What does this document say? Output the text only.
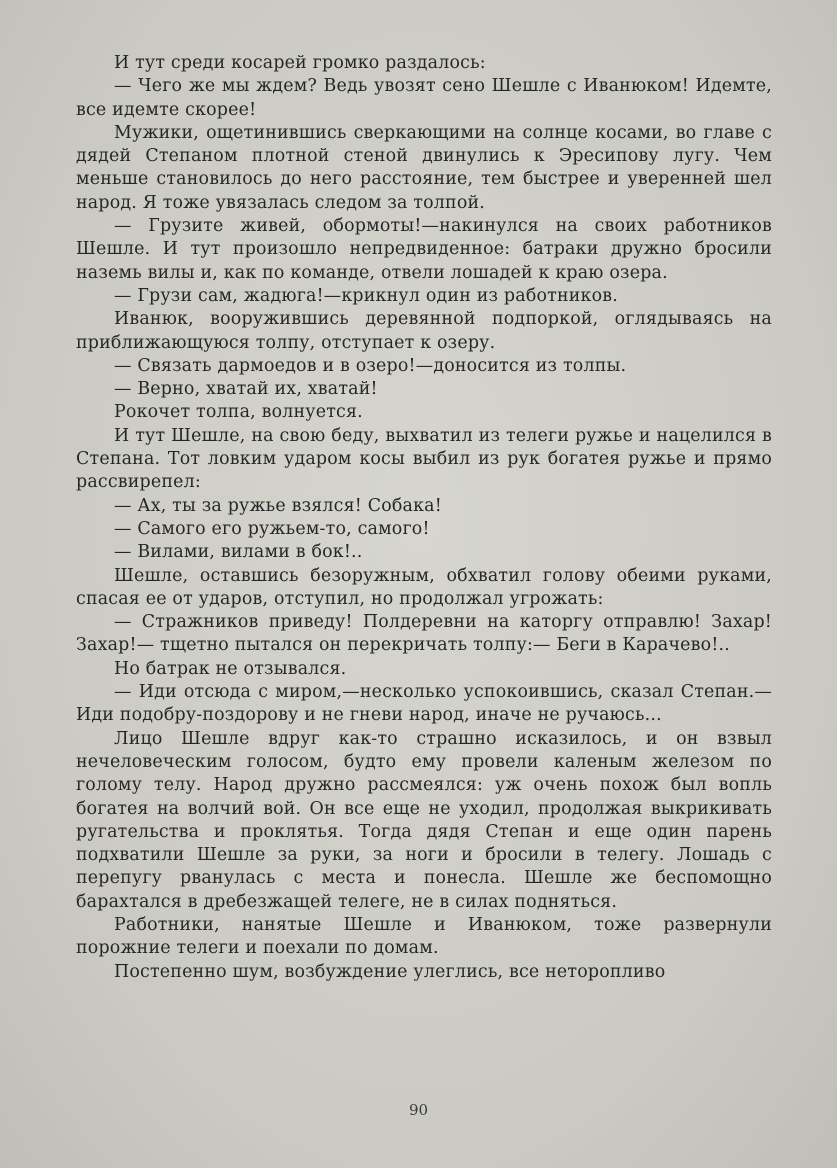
И тут среди косарей громко раздалось:

— Чего же мы ждем? Ведь увозят сено Шешле с Иванюком! Идемте, все идемте скорее!

Мужики, ощетинившись сверкающими на солнце косами, во главе с дядей Степаном плотной стеной двинулись к Эресипову лугу. Чем меньше становилось до него расстояние, тем быстрее и уверенней шел народ. Я тоже увязалась следом за толпой.

— Грузите живей, обормоты!—накинулся на своих работников Шешле. И тут произошло непредвиденное: батраки дружно бросили наземь вилы и, как по команде, отвели лошадей к краю озера.

— Грузи сам, жадюга!—крикнул один из работников.

Иванюк, вооружившись деревянной подпоркой, оглядываясь на приближающуюся толпу, отступает к озеру.

— Связать дармоедов и в озеро!—доносится из толпы.

— Верно, хватай их, хватай!

Рокочет толпа, волнуется.

И тут Шешле, на свою беду, выхватил из телеги ружье и нацелился в Степана. Тот ловким ударом косы выбил из рук богатея ружье и прямо рассвирепел:

— Ах, ты за ружье взялся! Собака!

— Самого его ружьем-то, самого!

— Вилами, вилами в бок!..

Шешле, оставшись безоружным, обхватил голову обеими руками, спасая ее от ударов, отступил, но продолжал угрожать:

— Стражников приведу! Полдеревни на каторгу отправлю! Захар! Захар!— тщетно пытался он перекричать толпу:— Беги в Карачево!..

Но батрак не отзывался.

— Иди отсюда с миром,—несколько успокоившись, сказал Степан.—Иди подобру-поздорову и не гневи народ, иначе не ручаюсь...

Лицо Шешле вдруг как-то страшно исказилось, и он взвыл нечеловеческим голосом, будто ему провели каленым железом по голому телу. Народ дружно рассмеялся: уж очень похож был вопль богатея на волчий вой. Он все еще не уходил, продолжая выкрикивать ругательства и проклятья. Тогда дядя Степан и еще один парень подхватили Шешле за руки, за ноги и бросили в телегу. Лошадь с перепугу рванулась с места и понесла. Шешле же беспомощно барахтался в дребезжащей телеге, не в силах подняться.

Работники, нанятые Шешле и Иванюком, тоже развернули порожние телеги и поехали по домам.

Постепенно шум, возбуждение улеглись, все неторопливо

90
